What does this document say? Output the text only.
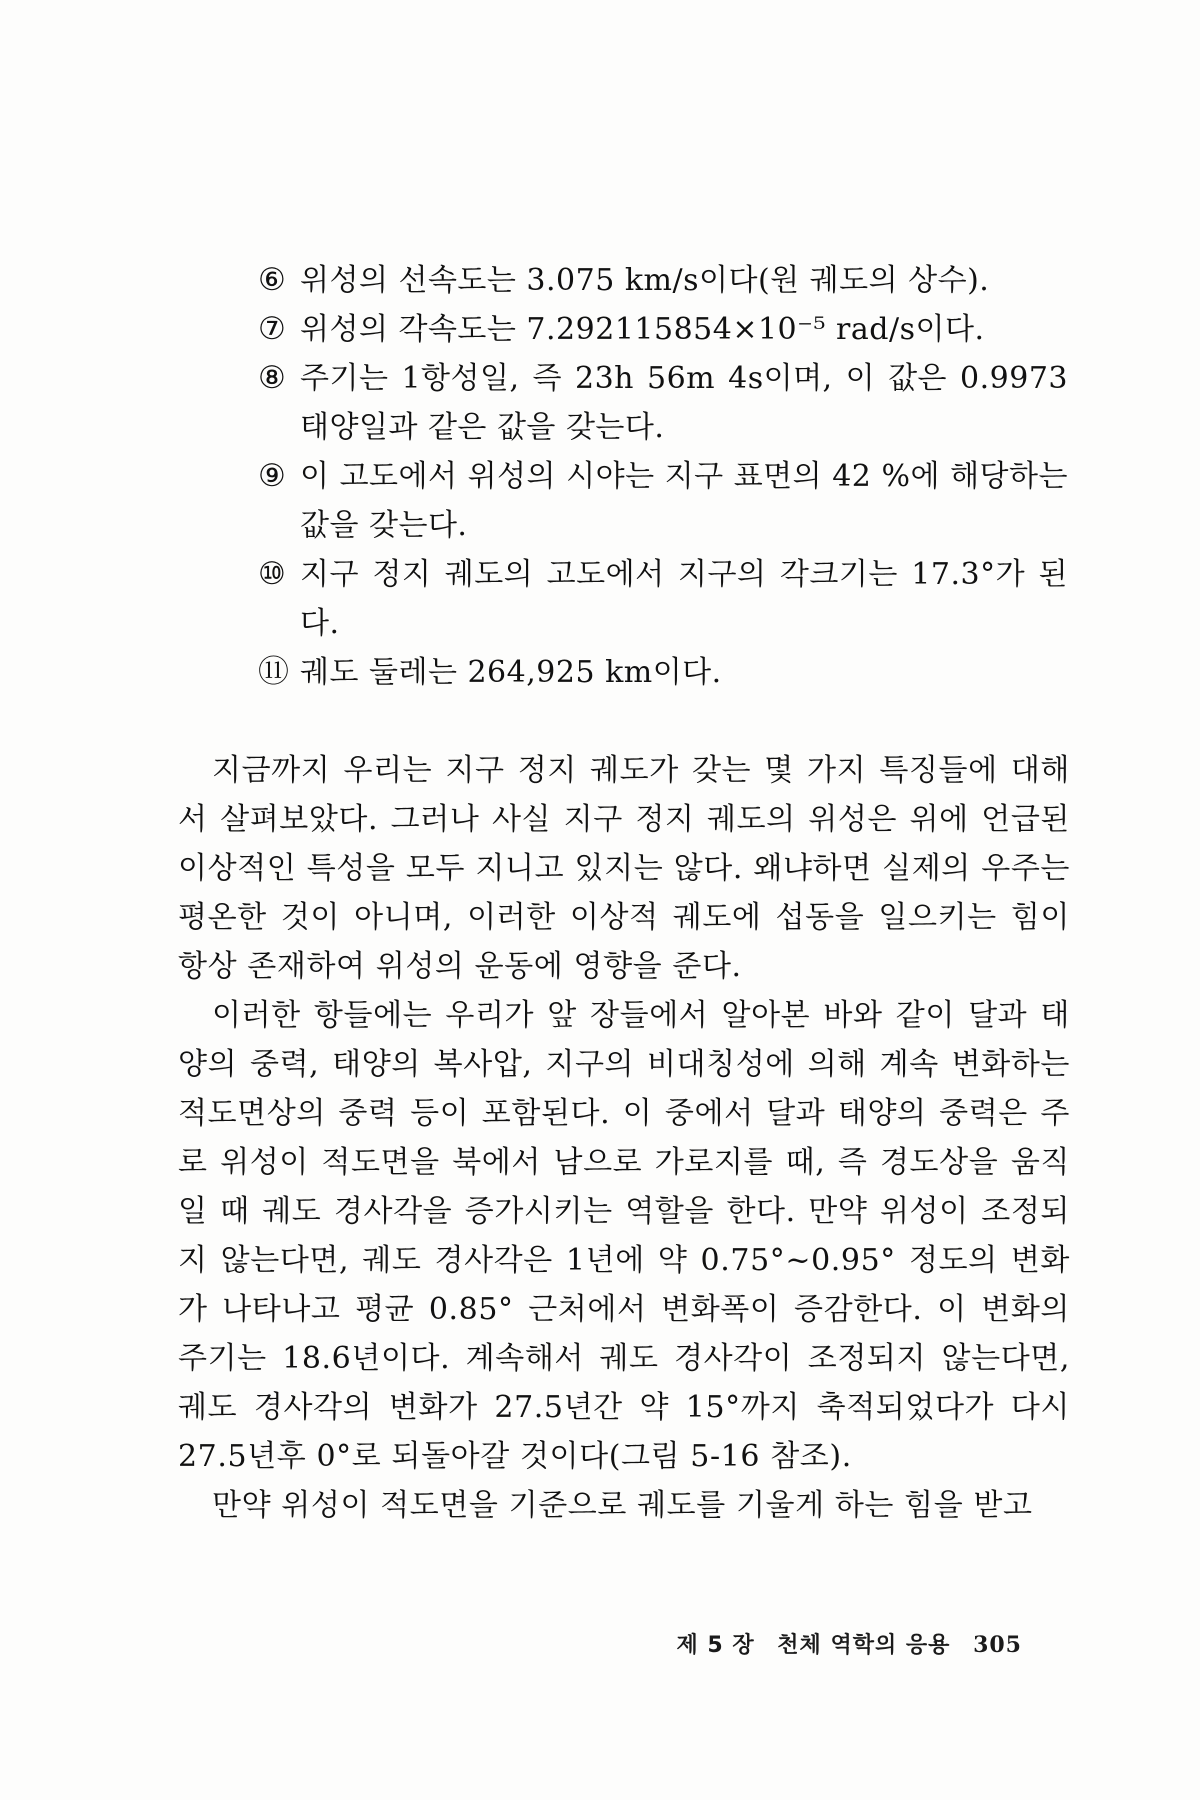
⑥ 위성의 선속도는 3.075 km/s이다(원 궤도의 상수).
⑦ 위성의 각속도는 7.292115854×10⁻⁵ rad/s이다.
⑧ 주기는 1항성일, 즉 23h 56m 4s이며, 이 값은 0.9973태양일과 같은 값을 갖는다.
⑨ 이 고도에서 위성의 시야는 지구 표면의 42 %에 해당하는 값을 갖는다.
⑩ 지구 정지 궤도의 고도에서 지구의 각크기는 17.3°가 된다.
⑪ 궤도 둘레는 264,925 km이다.

지금까지 우리는 지구 정지 궤도가 갖는 몇 가지 특징들에 대해서 살펴보았다. 그러나 사실 지구 정지 궤도의 위성은 위에 언급된 이상적인 특성을 모두 지니고 있지는 않다. 왜냐하면 실제의 우주는 평온한 것이 아니며, 이러한 이상적 궤도에 섭동을 일으키는 힘이 항상 존재하여 위성의 운동에 영향을 준다.

이러한 항들에는 우리가 앞 장들에서 알아본 바와 같이 달과 태양의 중력, 태양의 복사압, 지구의 비대칭성에 의해 계속 변화하는 적도면상의 중력 등이 포함된다. 이 중에서 달과 태양의 중력은 주로 위성이 적도면을 북에서 남으로 가로지를 때, 즉 경도상을 움직일 때 궤도 경사각을 증가시키는 역할을 한다. 만약 위성이 조정되지 않는다면, 궤도 경사각은 1년에 약 0.75°~0.95° 정도의 변화가 나타나고 평균 0.85° 근처에서 변화폭이 증감한다. 이 변화의 주기는 18.6년이다. 계속해서 궤도 경사각이 조정되지 않는다면, 궤도 경사각의 변화가 27.5년간 약 15°까지 축적되었다가 다시 27.5년후 0°로 되돌아갈 것이다(그림 5-16 참조).

만약 위성이 적도면을 기준으로 궤도를 기울게 하는 힘을 받고

제 5 장 천체 역학의 응용 305
